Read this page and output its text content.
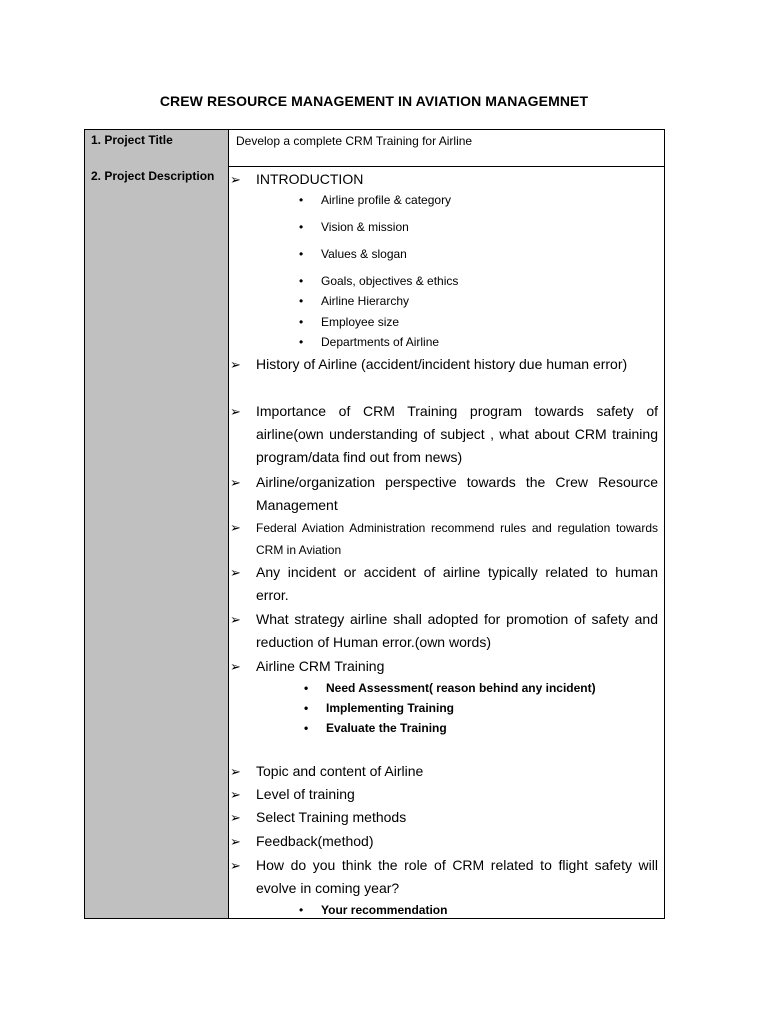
CREW RESOURCE MANAGEMENT IN AVIATION MANAGEMNET
1. Project Title	Develop a complete CRM Training for Airline
2. Project Description	➢ INTRODUCTION
• Airline profile & category
• Vision & mission
• Values & slogan
• Goals, objectives & ethics
• Airline Hierarchy
• Employee size
• Departments of Airline
➢ History of Airline (accident/incident history due human error)
➢ Importance of CRM Training program towards safety of airline(own understanding of subject , what about CRM training program/data find out from news)
➢ Airline/organization perspective towards the Crew Resource Management
➢ Federal Aviation Administration recommend rules and regulation towards CRM in Aviation
➢ Any incident or accident of airline typically related to human error.
➢ What strategy airline shall adopted for promotion of safety and reduction of Human error.(own words)
➢ Airline CRM Training
• Need Assessment( reason behind any incident)
• Implementing Training
• Evaluate the Training
➢ Topic and content of Airline
➢ Level of training
➢ Select Training methods
➢ Feedback(method)
➢ How do you think the role of CRM related to flight safety will evolve in coming year?
• Your recommendation
